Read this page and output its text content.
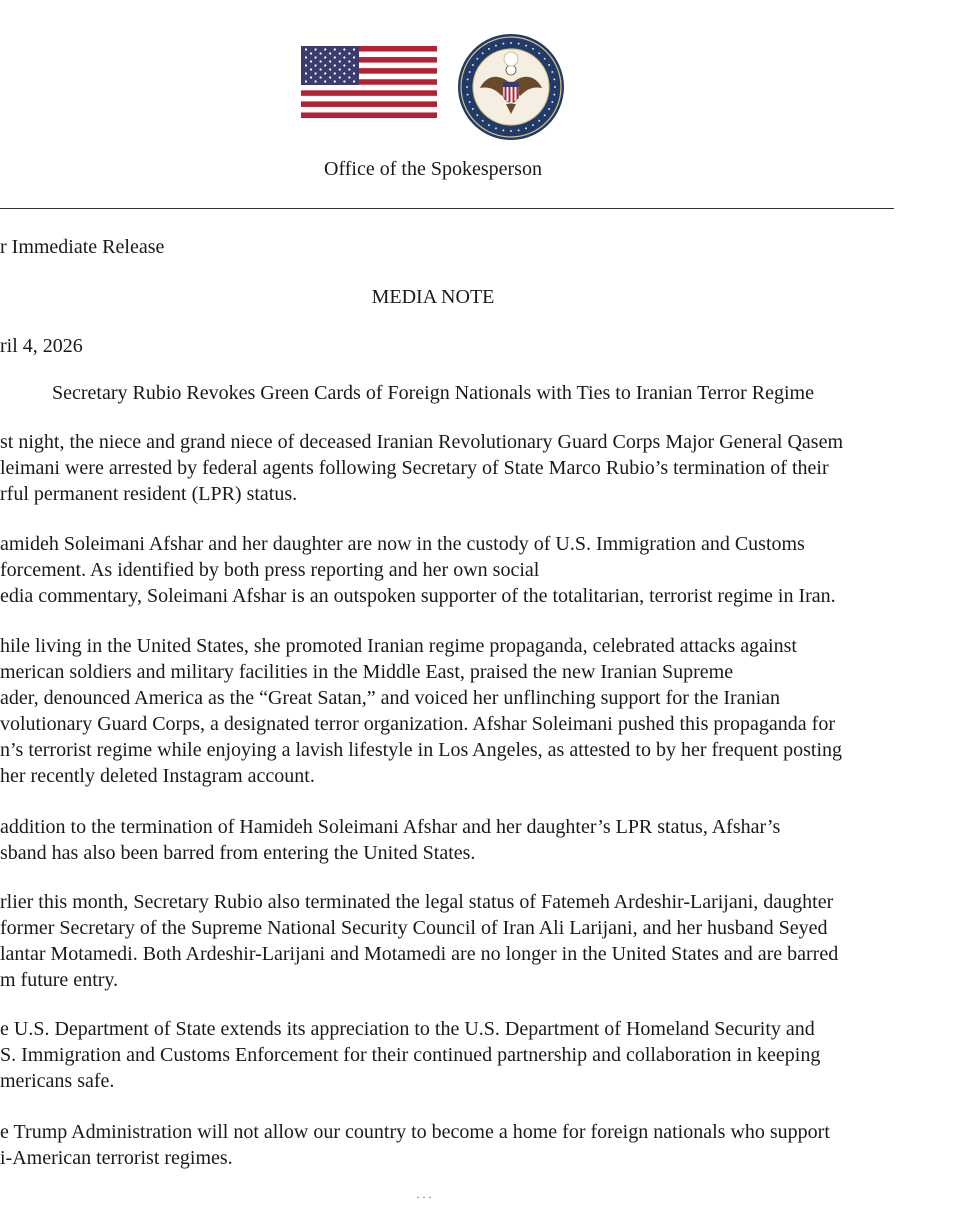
Office of the Spokesperson
r Immediate Release
MEDIA NOTE
ril 4, 2026
Secretary Rubio Revokes Green Cards of Foreign Nationals with Ties to Iranian Terror Regime
st night, the niece and grand niece of deceased Iranian Revolutionary Guard Corps Major General Qasem
leimani were arrested by federal agents following Secretary of State Marco Rubio’s termination of their
rful permanent resident (LPR) status.
amideh Soleimani Afshar and her daughter are now in the custody of U.S. Immigration and Customs
forcement. As identified by both press reporting and her own social
edia commentary, Soleimani Afshar is an outspoken supporter of the totalitarian, terrorist regime in Iran.
hile living in the United States, she promoted Iranian regime propaganda, celebrated attacks against
merican soldiers and military facilities in the Middle East, praised the new Iranian Supreme
ader, denounced America as the “Great Satan,” and voiced her unflinching support for the Iranian
volutionary Guard Corps, a designated terror organization. Afshar Soleimani pushed this propaganda for
n’s terrorist regime while enjoying a lavish lifestyle in Los Angeles, as attested to by her frequent posting
her recently deleted Instagram account.
addition to the termination of Hamideh Soleimani Afshar and her daughter’s LPR status, Afshar’s
sband has also been barred from entering the United States.
rlier this month, Secretary Rubio also terminated the legal status of Fatemeh Ardeshir-Larijani, daughter
former Secretary of the Supreme National Security Council of Iran Ali Larijani, and her husband Seyed
lantar Motamedi. Both Ardeshir-Larijani and Motamedi are no longer in the United States and are barred
m future entry.
e U.S. Department of State extends its appreciation to the U.S. Department of Homeland Security and
S. Immigration and Customs Enforcement for their continued partnership and collaboration in keeping
mericans safe.
e Trump Administration will not allow our country to become a home for foreign nationals who support
i-American terrorist regimes.
···
